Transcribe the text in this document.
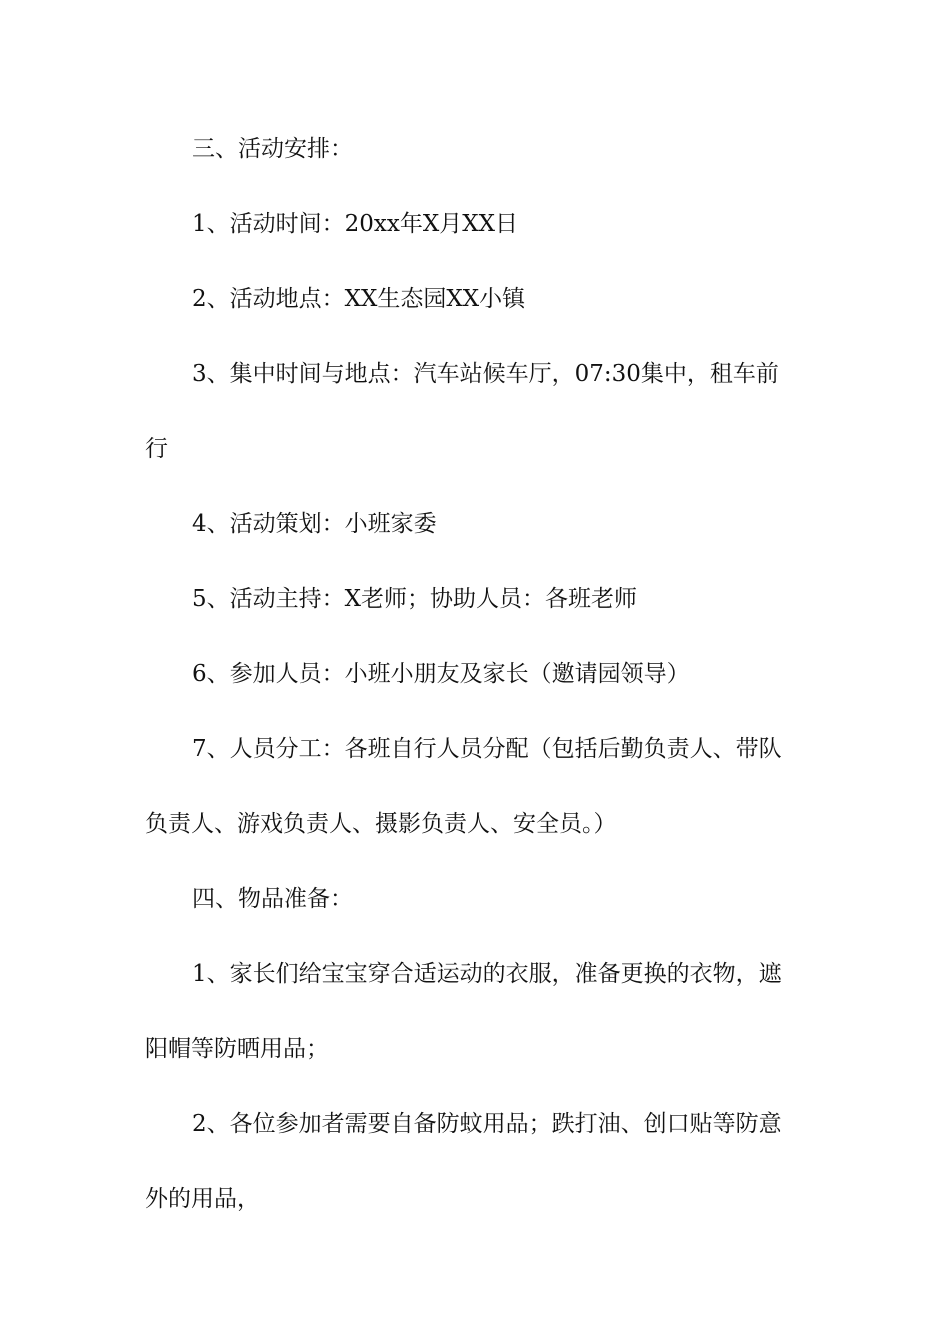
三、活动安排：

1、活动时间：20xx年X月XX日

2、活动地点：XX生态园XX小镇

3、集中时间与地点：汽车站候车厅，07:30集中，租车前

行

4、活动策划：小班家委

5、活动主持：X老师；协助人员：各班老师

6、参加人员：小班小朋友及家长（邀请园领导）

7、人员分工：各班自行人员分配（包括后勤负责人、带队

负责人、游戏负责人、摄影负责人、安全员。）

四、物品准备：

1、家长们给宝宝穿合适运动的衣服，准备更换的衣物，遮

阳帽等防晒用品；

2、各位参加者需要自备防蚊用品；跌打油、创口贴等防意

外的用品，
